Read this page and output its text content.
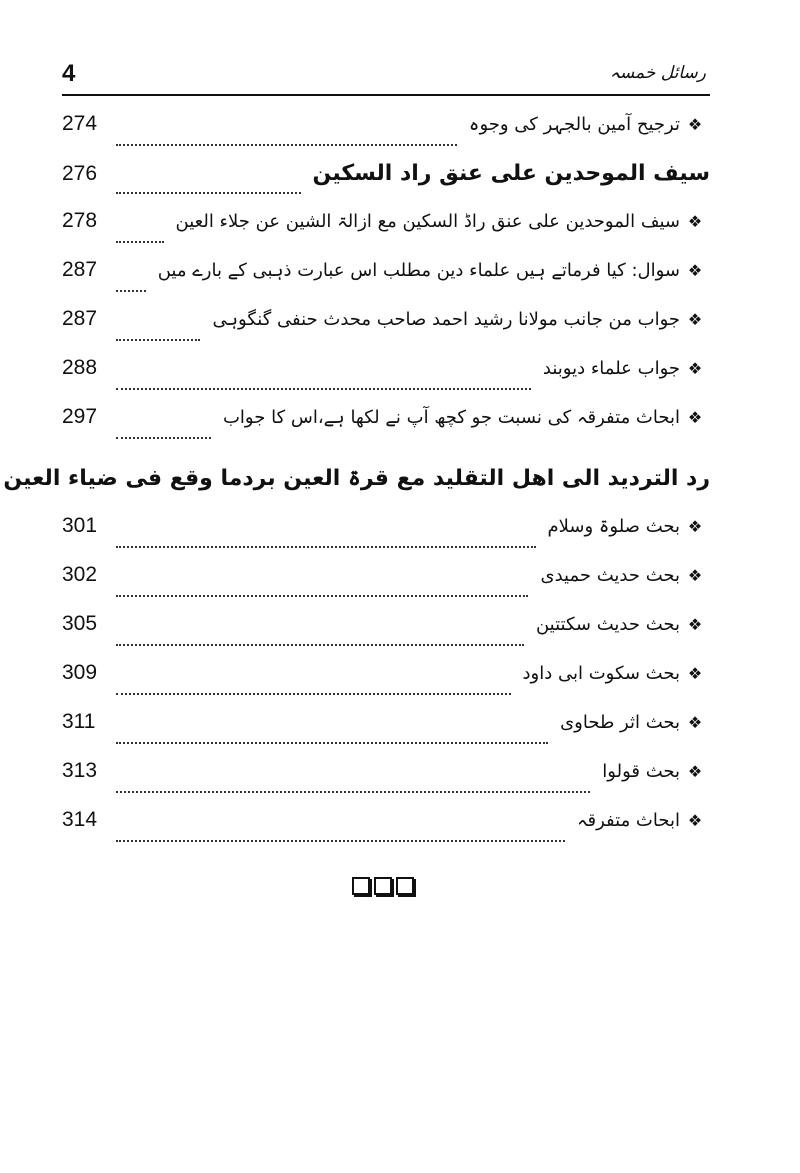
4	رسائل خمسہ
❖
ترجیح آمین بالجہر کی وجوہ
274
سیف الموحدین علی عنق راد السکین
276
❖
سیف الموحدین علی عنق راڈ السکین مع ازالۃ الشین عن جلاء العین
278
❖
سوال: کیا فرماتے ہیں علماء دین مطلب اس عبارت ذہبی کے بارے میں
287
❖
جواب من جانب مولانا رشید احمد صاحب محدث حنفی گنگوہی
287
❖
جواب علماء دیوبند
288
❖
ابحاث متفرقہ کی نسبت جو کچھ آپ نے لکھا ہے،اس کا جواب
297
رد التردید الی اھل التقلید مع قرۃ العین بردما وقع فی ضیاء العین
❖
بحث صلوۃ وسلام
301
❖
بحث حدیث حمیدی
302
❖
بحث حدیث سکتتین
305
❖
بحث سکوت ابی داود
309
❖
بحث اثر طحاوی
311
❖
بحث قولوا
313
❖
ابحاث متفرقہ
314
